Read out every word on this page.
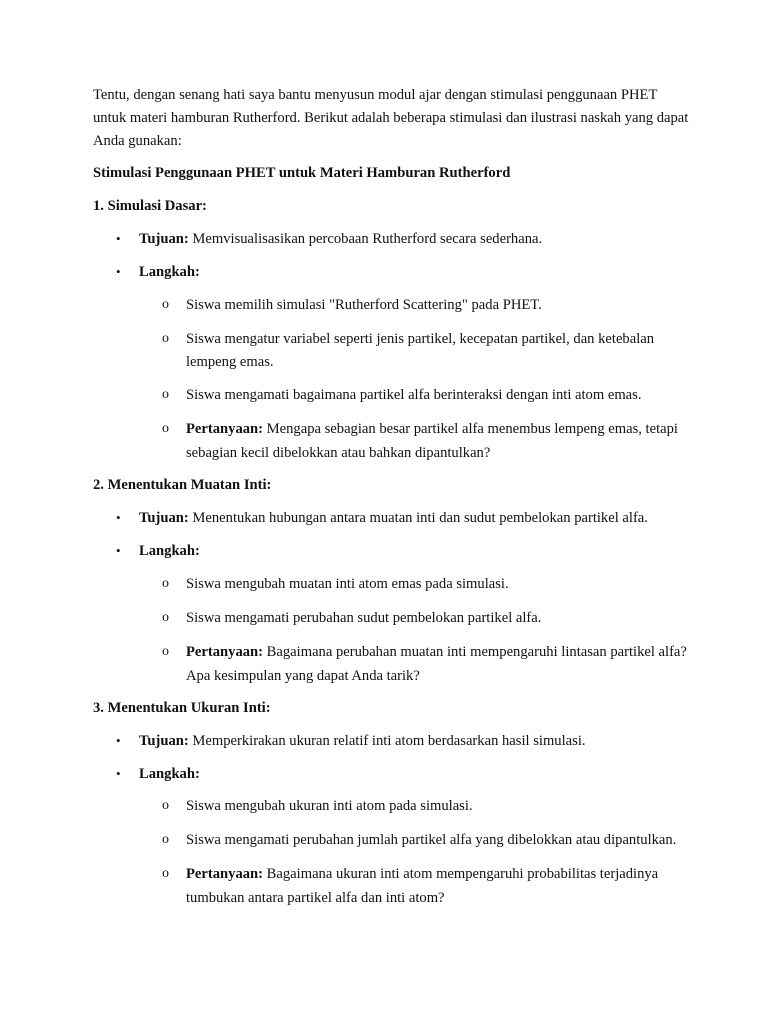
Tentu, dengan senang hati saya bantu menyusun modul ajar dengan stimulasi penggunaan PHET
untuk materi hamburan Rutherford. Berikut adalah beberapa stimulasi dan ilustrasi naskah yang dapat
Anda gunakan:
Stimulasi Penggunaan PHET untuk Materi Hamburan Rutherford
1. Simulasi Dasar:
• Tujuan: Memvisualisasikan percobaan Rutherford secara sederhana.
• Langkah:
o Siswa memilih simulasi "Rutherford Scattering" pada PHET.
o Siswa mengatur variabel seperti jenis partikel, kecepatan partikel, dan ketebalan
lempeng emas.
o Siswa mengamati bagaimana partikel alfa berinteraksi dengan inti atom emas.
o Pertanyaan: Mengapa sebagian besar partikel alfa menembus lempeng emas, tetapi
sebagian kecil dibelokkan atau bahkan dipantulkan?
2. Menentukan Muatan Inti:
• Tujuan: Menentukan hubungan antara muatan inti dan sudut pembelokan partikel alfa.
• Langkah:
o Siswa mengubah muatan inti atom emas pada simulasi.
o Siswa mengamati perubahan sudut pembelokan partikel alfa.
o Pertanyaan: Bagaimana perubahan muatan inti mempengaruhi lintasan partikel alfa?
Apa kesimpulan yang dapat Anda tarik?
3. Menentukan Ukuran Inti:
• Tujuan: Memperkirakan ukuran relatif inti atom berdasarkan hasil simulasi.
• Langkah:
o Siswa mengubah ukuran inti atom pada simulasi.
o Siswa mengamati perubahan jumlah partikel alfa yang dibelokkan atau dipantulkan.
o Pertanyaan: Bagaimana ukuran inti atom mempengaruhi probabilitas terjadinya
tumbukan antara partikel alfa dan inti atom?
